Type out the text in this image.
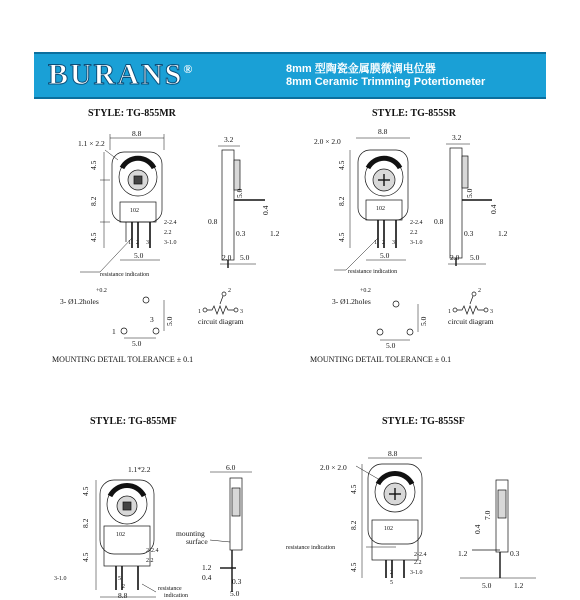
BURANS®	8mm 型陶瓷金属膜微调电位器
8mm Ceramic Trimming Potertiometer
STYLE: TG-855MR	STYLE: TG-855SR
STYLE: TG-855MF	STYLE: TG-855SF
MOUNTING DETAIL TOLERANCE ± 0.1	MOUNTING DETAIL TOLERANCE ± 0.1
8.8
1.1 × 2.2
4.5
8.2
4.5
102
2-2.4
2.2
3-1.0
1 2 3
5.0
resistance indication
3.2
5.0
0.4
0.8
0.3	1.2
2.0 5.0
3- Ø1.2holes
+0.2
1
3
5.0
5.0
1	3
2
circuit diagram
8.8
2.0 × 2.0
4.5
8.2
4.5
102
2-2.4
2.2
3-1.0
1 2 3
5.0
resistance indication
3.2
5.0
0.4
0.8
0.3	1.2
2.0 5.0
3- Ø1.2holes
+0.2
5.0
5.0
1	3
2
circuit diagram
4.5
8.2
4.5
1.1*2.2
102
2-2.4
2.2
3-1.0	5
2
8.8
resistance
indication
6.0
mounting
surface
1.2
0.4	0.3
5.0
8.8
2.0 × 2.0
4.5
8.2
4.5
102
2-2.4
2.2
3-1.0
2
5
resistance indication
0.4
7.0
1.2	0.3
5.0	1.2
